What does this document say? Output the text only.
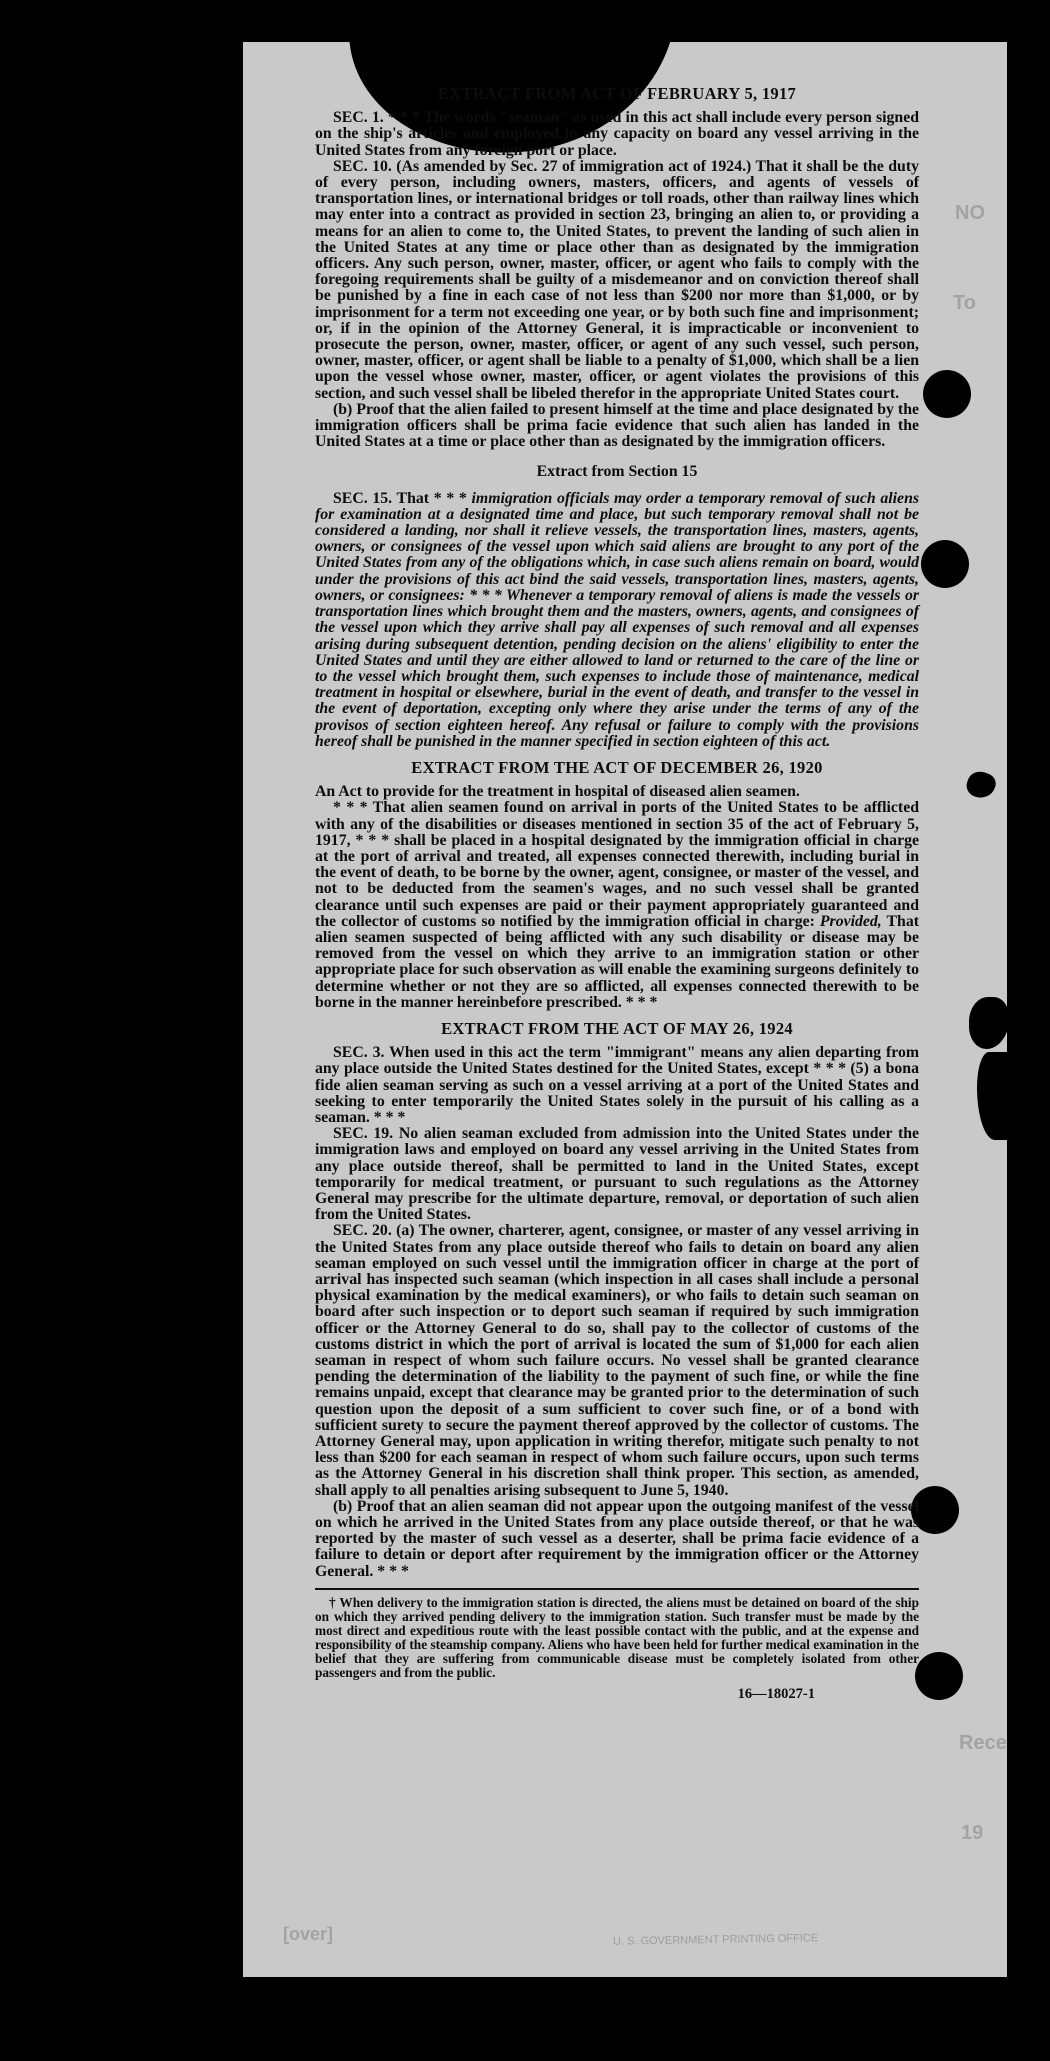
NO
To
Rece
19
[over]
EXTRACT FROM ACT OF FEBRUARY 5, 1917

SEC. 1. * * * The words "seaman" as used in this act shall include every person signed on the ship's articles and employed in any capacity on board any vessel arriving in the United States from any foreign port or place.

SEC. 10. (As amended by Sec. 27 of immigration act of 1924.) That it shall be the duty of every person, including owners, masters, officers, and agents of vessels of transportation lines, or international bridges or toll roads, other than railway lines which may enter into a contract as provided in section 23, bringing an alien to, or providing a means for an alien to come to, the United States, to prevent the landing of such alien in the United States at any time or place other than as designated by the immigration officers. Any such person, owner, master, officer, or agent who fails to comply with the foregoing requirements shall be guilty of a misdemeanor and on conviction thereof shall be punished by a fine in each case of not less than $200 nor more than $1,000, or by imprisonment for a term not exceeding one year, or by both such fine and imprisonment; or, if in the opinion of the Attorney General, it is impracticable or inconvenient to prosecute the person, owner, master, officer, or agent of any such vessel, such person, owner, master, officer, or agent shall be liable to a penalty of $1,000, which shall be a lien upon the vessel whose owner, master, officer, or agent violates the provisions of this section, and such vessel shall be libeled therefor in the appropriate United States court.

(b) Proof that the alien failed to present himself at the time and place designated by the immigration officers shall be prima facie evidence that such alien has landed in the United States at a time or place other than as designated by the immigration officers.

Extract from Section 15

SEC. 15. That * * * immigration officials may order a temporary removal of such aliens for examination at a designated time and place, but such temporary removal shall not be considered a landing, nor shall it relieve vessels, the transportation lines, masters, agents, owners, or consignees of the vessel upon which said aliens are brought to any port of the United States from any of the obligations which, in case such aliens remain on board, would under the provisions of this act bind the said vessels, transportation lines, masters, agents, owners, or consignees: * * * Whenever a temporary removal of aliens is made the vessels or transportation lines which brought them and the masters, owners, agents, and consignees of the vessel upon which they arrive shall pay all expenses of such removal and all expenses arising during subsequent detention, pending decision on the aliens' eligibility to enter the United States and until they are either allowed to land or returned to the care of the line or to the vessel which brought them, such expenses to include those of maintenance, medical treatment in hospital or elsewhere, burial in the event of death, and transfer to the vessel in the event of deportation, excepting only where they arise under the terms of any of the provisos of section eighteen hereof. Any refusal or failure to comply with the provisions hereof shall be punished in the manner specified in section eighteen of this act.

EXTRACT FROM THE ACT OF DECEMBER 26, 1920

An Act to provide for the treatment in hospital of diseased alien seamen.

* * * That alien seamen found on arrival in ports of the United States to be afflicted with any of the disabilities or diseases mentioned in section 35 of the act of February 5, 1917, * * * shall be placed in a hospital designated by the immigration official in charge at the port of arrival and treated, all expenses connected therewith, including burial in the event of death, to be borne by the owner, agent, consignee, or master of the vessel, and not to be deducted from the seamen's wages, and no such vessel shall be granted clearance until such expenses are paid or their payment appropriately guaranteed and the collector of customs so notified by the immigration official in charge: Provided, That alien seamen suspected of being afflicted with any such disability or disease may be removed from the vessel on which they arrive to an immigration station or other appropriate place for such observation as will enable the examining surgeons definitely to determine whether or not they are so afflicted, all expenses connected therewith to be borne in the manner hereinbefore prescribed. * * *

EXTRACT FROM THE ACT OF MAY 26, 1924

SEC. 3. When used in this act the term "immigrant" means any alien departing from any place outside the United States destined for the United States, except * * * (5) a bona fide alien seaman serving as such on a vessel arriving at a port of the United States and seeking to enter temporarily the United States solely in the pursuit of his calling as a seaman. * * *

SEC. 19. No alien seaman excluded from admission into the United States under the immigration laws and employed on board any vessel arriving in the United States from any place outside thereof, shall be permitted to land in the United States, except temporarily for medical treatment, or pursuant to such regulations as the Attorney General may prescribe for the ultimate departure, removal, or deportation of such alien from the United States.

SEC. 20. (a) The owner, charterer, agent, consignee, or master of any vessel arriving in the United States from any place outside thereof who fails to detain on board any alien seaman employed on such vessel until the immigration officer in charge at the port of arrival has inspected such seaman (which inspection in all cases shall include a personal physical examination by the medical examiners), or who fails to detain such seaman on board after such inspection or to deport such seaman if required by such immigration officer or the Attorney General to do so, shall pay to the collector of customs of the customs district in which the port of arrival is located the sum of $1,000 for each alien seaman in respect of whom such failure occurs. No vessel shall be granted clearance pending the determination of the liability to the payment of such fine, or while the fine remains unpaid, except that clearance may be granted prior to the determination of such question upon the deposit of a sum sufficient to cover such fine, or of a bond with sufficient surety to secure the payment thereof approved by the collector of customs. The Attorney General may, upon application in writing therefor, mitigate such penalty to not less than $200 for each seaman in respect of whom such failure occurs, upon such terms as the Attorney General in his discretion shall think proper. This section, as amended, shall apply to all penalties arising subsequent to June 5, 1940.

(b) Proof that an alien seaman did not appear upon the outgoing manifest of the vessel on which he arrived in the United States from any place outside thereof, or that he was reported by the master of such vessel as a deserter, shall be prima facie evidence of a failure to detain or deport after requirement by the immigration officer or the Attorney General. * * *

† When delivery to the immigration station is directed, the aliens must be detained on board of the ship on which they arrived pending delivery to the immigration station. Such transfer must be made by the most direct and expeditious route with the least possible contact with the public, and at the expense and responsibility of the steamship company. Aliens who have been held for further medical examination in the belief that they are suffering from communicable disease must be completely isolated from other passengers and from the public.

16—18027-1
U. S. GOVERNMENT PRINTING OFFICE
